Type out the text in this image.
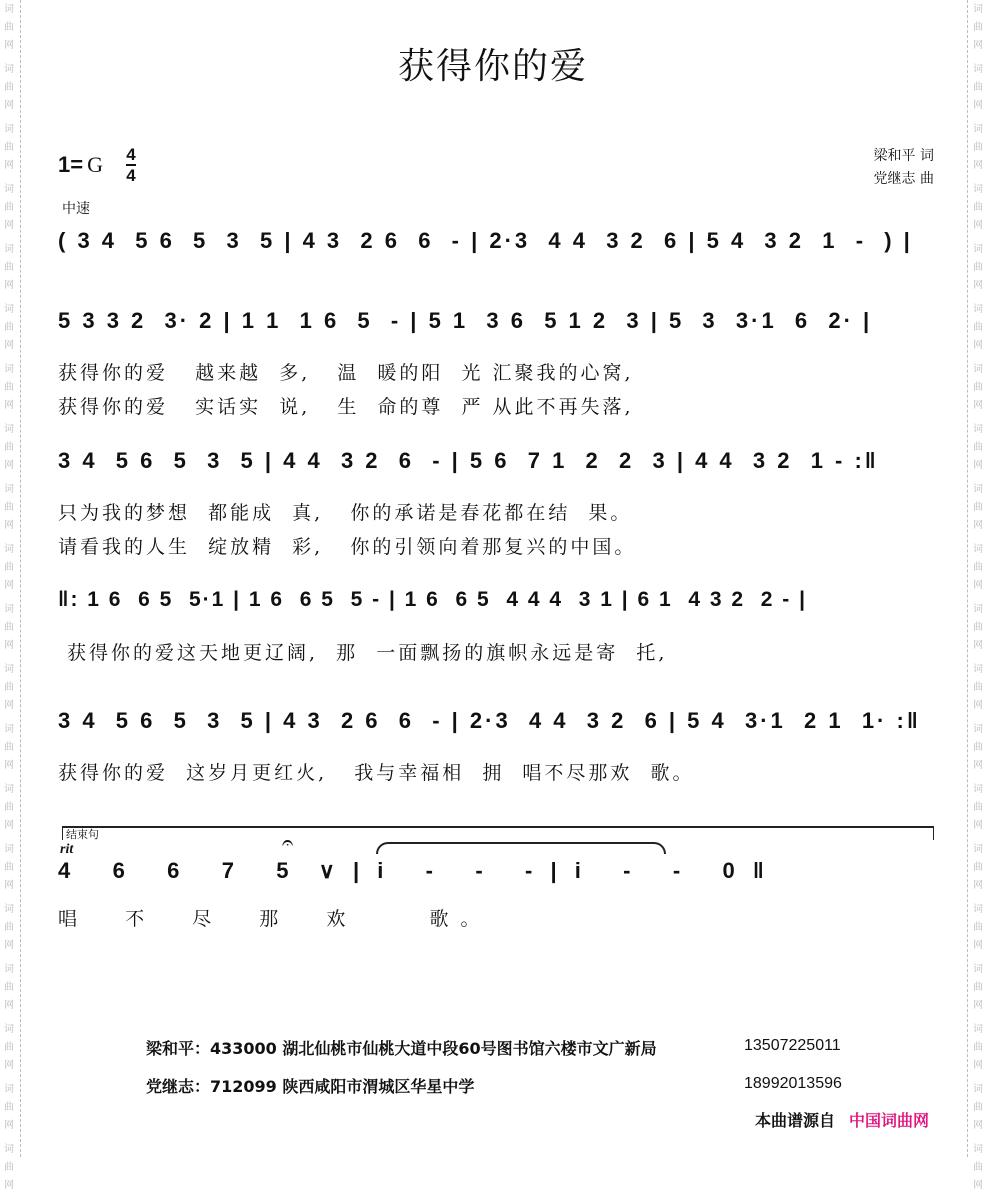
词
曲
网
词
曲
网
词
曲
网
词
曲
网
词
曲
网
词
曲
网
词
曲
网
词
曲
网
词
曲
网
词
曲
网
词
曲
网
词
曲
网
词
曲
网
词
曲
网
词
曲
网
词
曲
网
词
曲
网
词
曲
网
词
曲
网
词
曲
网
词
曲
网
词
曲
网
词
曲
网
词
曲
网
词
曲
网
词
曲
网
词
曲
网
词
曲
网
词
曲
网
词
曲
网
词
曲
网
词
曲
网
词
曲
网
词
曲
网
词
曲
网
词
曲
网
词
曲
网
词
曲
网
词
曲
网
词
曲
网
获得你的爱
1= G 4
4
中速
梁和平 词
党继志 曲
( 3 4  5 6  5  3  5 | 4 3  2 6  6  - | 2·3  4 4  3 2  6 | 5 4  3 2  1  -  ) |
5 3 3 2  3· 2 | 1 1  1 6  5  - | 5 1  3 6  5 1 2  3 | 5  3  3·1  6  2· |
获得你的爱   越来越  多,   温  暖的阳  光 汇聚我的心窝,
获得你的爱   实话实  说,   生  命的尊  严 从此不再失落,
3 4  5 6  5  3  5 | 4 4  3 2  6  - | 5 6  7 1  2  2  3 | 4 4  3 2  1 - :‖
只为我的梦想  都能成  真,   你的承诺是春花都在结  果。
请看我的人生  绽放精  彩,   你的引领向着那复兴的中国。
‖: 1 6  6 5  5·1 | 1 6  6 5  5 - | 1 6  6 5  4 4 4  3 1 | 6 1  4 3 2  2 - |
获得你的爱这天地更辽阔,  那  一面飘扬的旗帜永远是寄  托,
3 4  5 6  5  3  5 | 4 3  2 6  6  - | 2·3  4 4  3 2  6 | 5 4  3·1  2 1  1· :‖
获得你的爱  这岁月更红火,   我与幸福相  拥  唱不尽那欢  歌。
结束句
rit	𝄐
4   6   6   7   5  ∨ | i   -   -   - | i   -   -   0 ‖
唱  不  尽  那  欢    歌。
梁和平：433000 湖北仙桃市仙桃大道中段60号图书馆六楼市文广新局	13507225011
党继志：712099 陕西咸阳市渭城区华星中学	18992013596
本曲谱源自 中国词曲网
